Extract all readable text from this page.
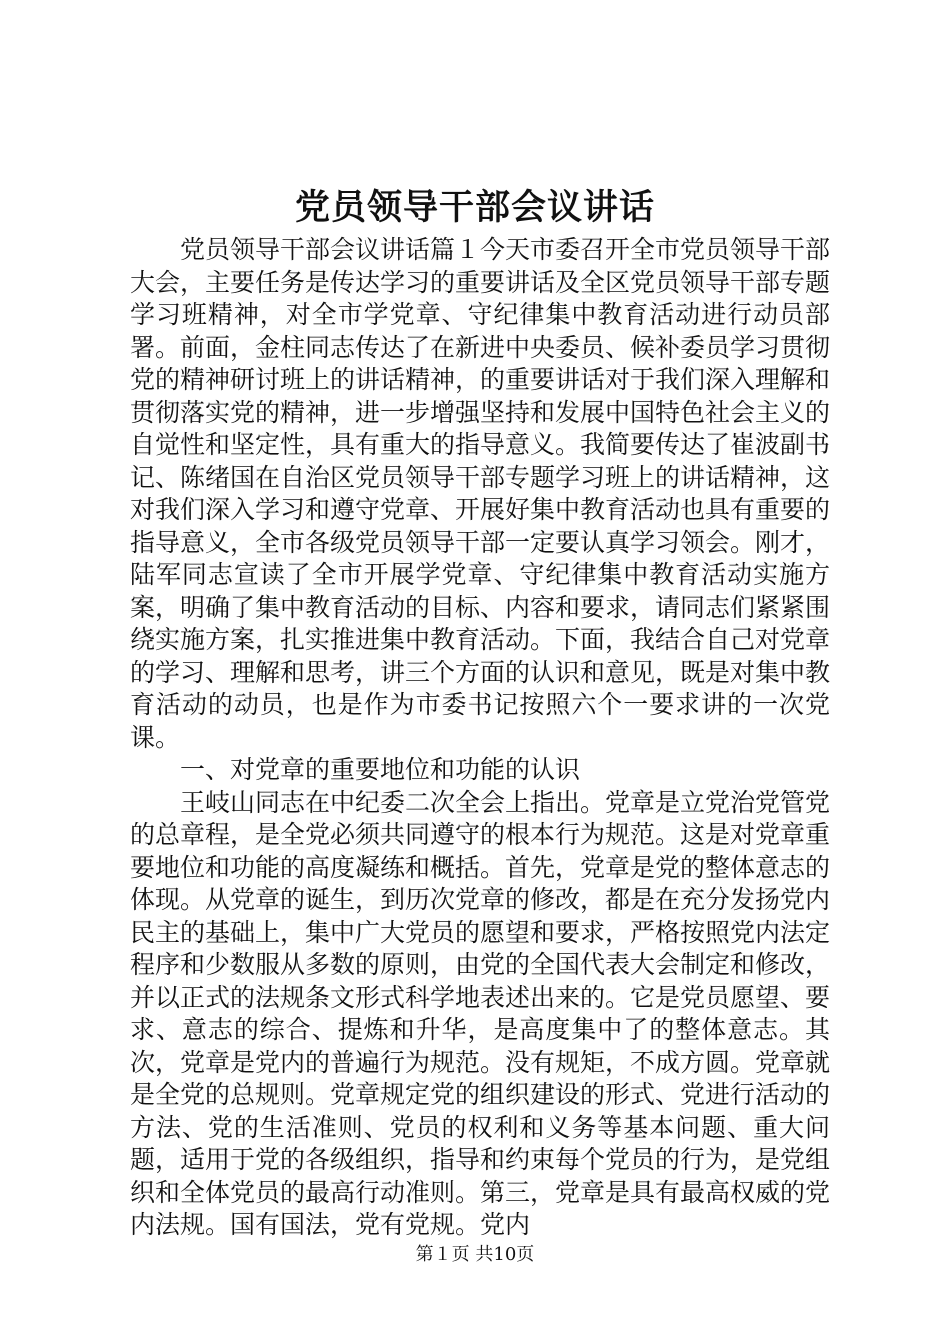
党员领导干部会议讲话

党员领导干部会议讲话篇１今天市委召开全市党员领导干部大会，主要任务是传达学习的重要讲话及全区党员领导干部专题学习班精神，对全市学党章、守纪律集中教育活动进行动员部署。前面，金柱同志传达了在新进中央委员、候补委员学习贯彻党的精神研讨班上的讲话精神，的重要讲话对于我们深入理解和贯彻落实党的精神，进一步增强坚持和发展中国特色社会主义的自觉性和坚定性，具有重大的指导意义。我简要传达了崔波副书记、陈绪国在自治区党员领导干部专题学习班上的讲话精神，这对我们深入学习和遵守党章、开展好集中教育活动也具有重要的指导意义，全市各级党员领导干部一定要认真学习领会。刚才，陆军同志宣读了全市开展学党章、守纪律集中教育活动实施方案，明确了集中教育活动的目标、内容和要求，请同志们紧紧围绕实施方案，扎实推进集中教育活动。下面，我结合自己对党章的学习、理解和思考，讲三个方面的认识和意见，既是对集中教育活动的动员，也是作为市委书记按照六个一要求讲的一次党课。

一、对党章的重要地位和功能的认识

王岐山同志在中纪委二次全会上指出。党章是立党治党管党的总章程，是全党必须共同遵守的根本行为规范。这是对党章重要地位和功能的高度凝练和概括。首先，党章是党的整体意志的体现。从党章的诞生，到历次党章的修改，都是在充分发扬党内民主的基础上，集中广大党员的愿望和要求，严格按照党内法定程序和少数服从多数的原则，由党的全国代表大会制定和修改，并以正式的法规条文形式科学地表述出来的。它是党员愿望、要求、意志的综合、提炼和升华，是高度集中了的整体意志。其次，党章是党内的普遍行为规范。没有规矩，不成方圆。党章就是全党的总规则。党章规定党的组织建设的形式、党进行活动的方法、党的生活准则、党员的权利和义务等基本问题、重大问题，适用于党的各级组织，指导和约束每个党员的行为，是党组织和全体党员的最高行动准则。第三，党章是具有最高权威的党内法规。国有国法，党有党规。党内

第１页 共10页
